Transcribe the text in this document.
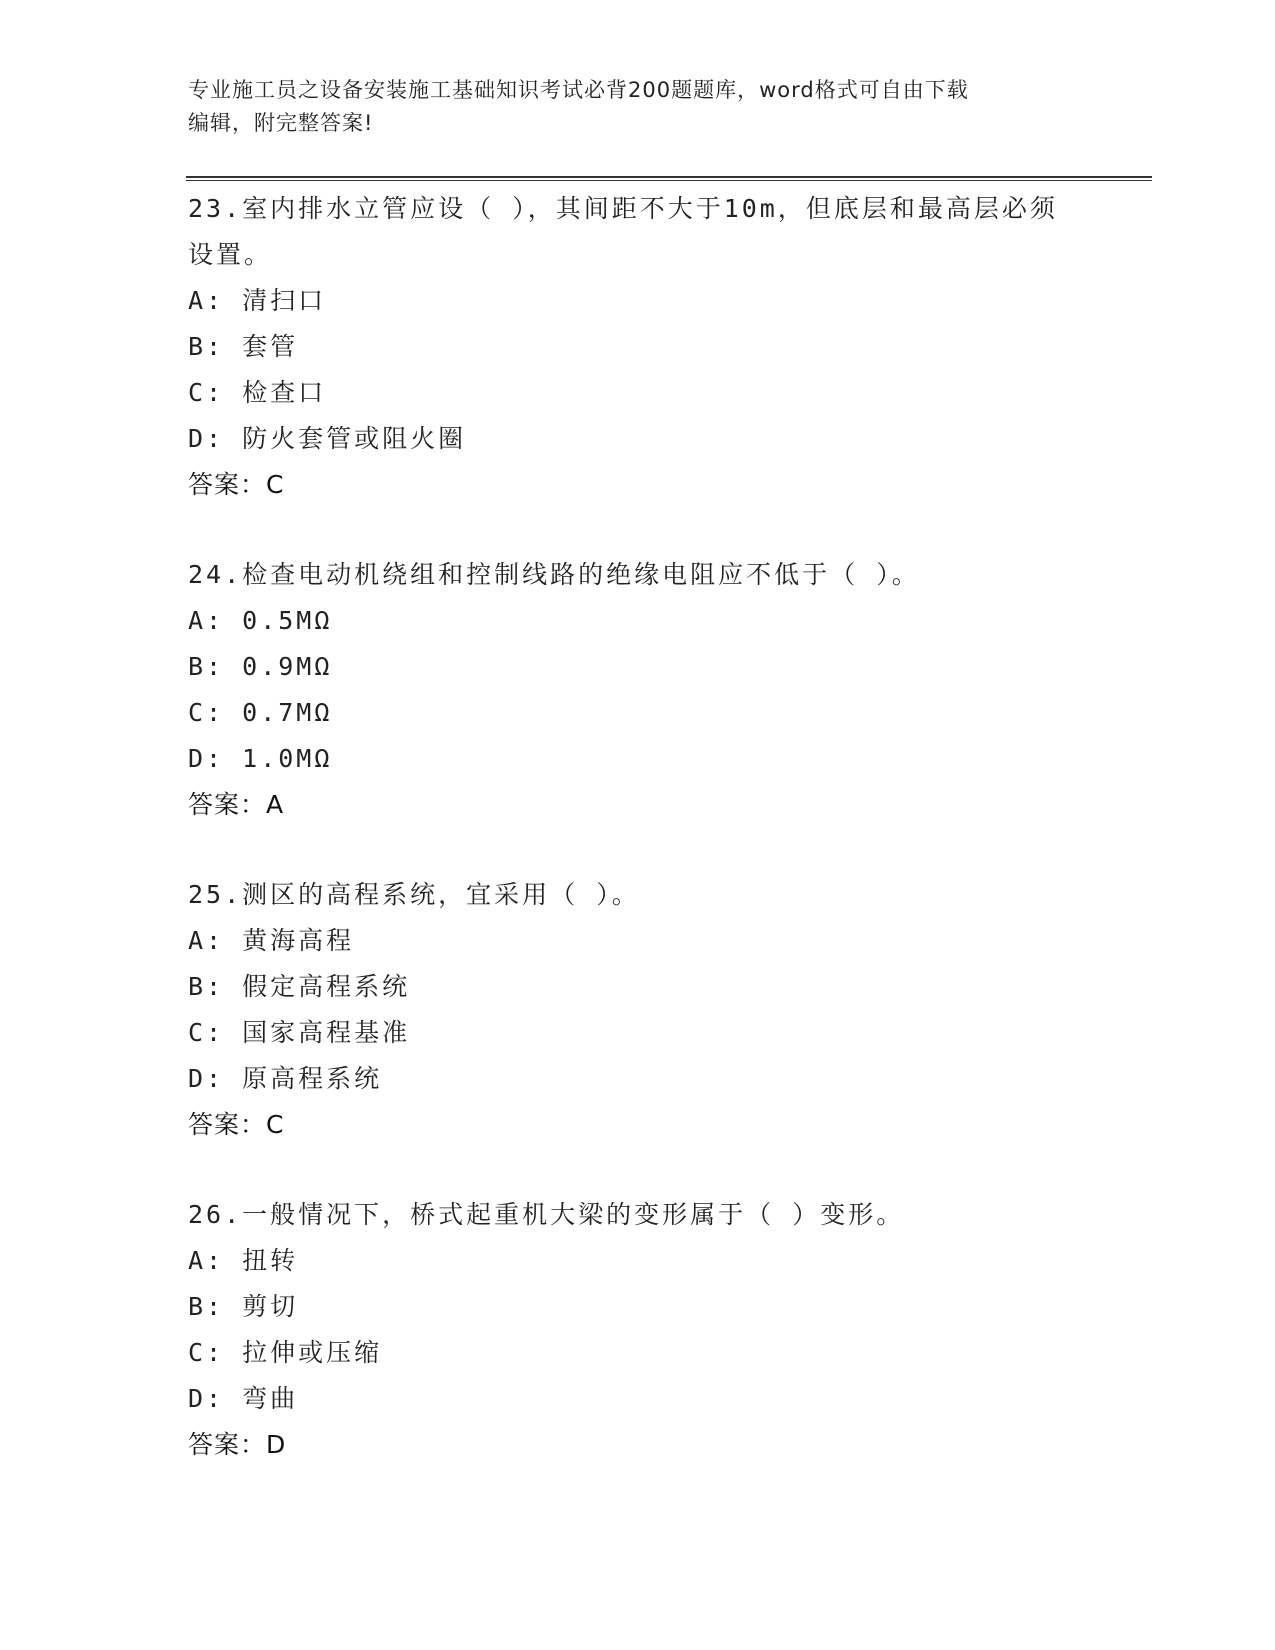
专业施工员之设备安装施工基础知识考试必背200题题库，word格式可自由下载
编辑，附完整答案!
23.室内排水立管应设（ ），其间距不大于10m，但底层和最高层必须
设置。
A: 清扫口
B: 套管
C: 检查口
D: 防火套管或阻火圈
答案：C
24.检查电动机绕组和控制线路的绝缘电阻应不低于（ ）。
A: 0.5MΩ
B: 0.9MΩ
C: 0.7MΩ
D: 1.0MΩ
答案：A
25.测区的高程系统，宜采用（ ）。
A: 黄海高程
B: 假定高程系统
C: 国家高程基准
D: 原高程系统
答案：C
26.一般情况下，桥式起重机大梁的变形属于（ ）变形。
A: 扭转
B: 剪切
C: 拉伸或压缩
D: 弯曲
答案：D
